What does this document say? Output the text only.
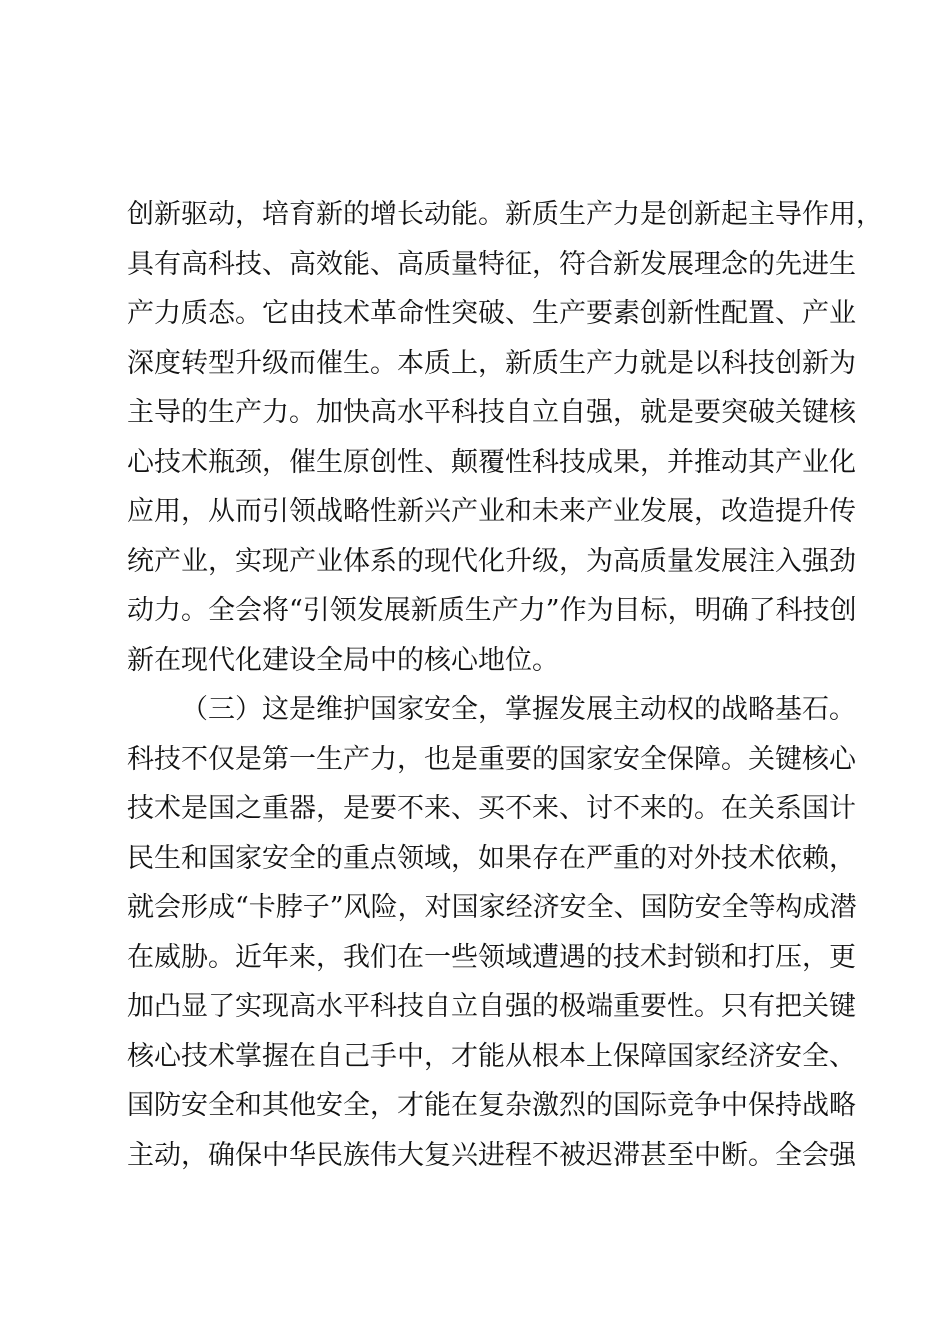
创新驱动，培育新的增长动能。新质生产力是创新起主导作用，
具有高科技、高效能、高质量特征，符合新发展理念的先进生
产力质态。它由技术革命性突破、生产要素创新性配置、产业
深度转型升级而催生。本质上，新质生产力就是以科技创新为
主导的生产力。加快高水平科技自立自强，就是要突破关键核
心技术瓶颈，催生原创性、颠覆性科技成果，并推动其产业化
应用，从而引领战略性新兴产业和未来产业发展，改造提升传
统产业，实现产业体系的现代化升级，为高质量发展注入强劲
动力。全会将“引领发展新质生产力”作为目标，明确了科技创
新在现代化建设全局中的核心地位。
（三）这是维护国家安全，掌握发展主动权的战略基石。
科技不仅是第一生产力，也是重要的国家安全保障。关键核心
技术是国之重器，是要不来、买不来、讨不来的。在关系国计
民生和国家安全的重点领域，如果存在严重的对外技术依赖，
就会形成“卡脖子”风险，对国家经济安全、国防安全等构成潜
在威胁。近年来，我们在一些领域遭遇的技术封锁和打压，更
加凸显了实现高水平科技自立自强的极端重要性。只有把关键
核心技术掌握在自己手中，才能从根本上保障国家经济安全、
国防安全和其他安全，才能在复杂激烈的国际竞争中保持战略
主动，确保中华民族伟大复兴进程不被迟滞甚至中断。全会强
